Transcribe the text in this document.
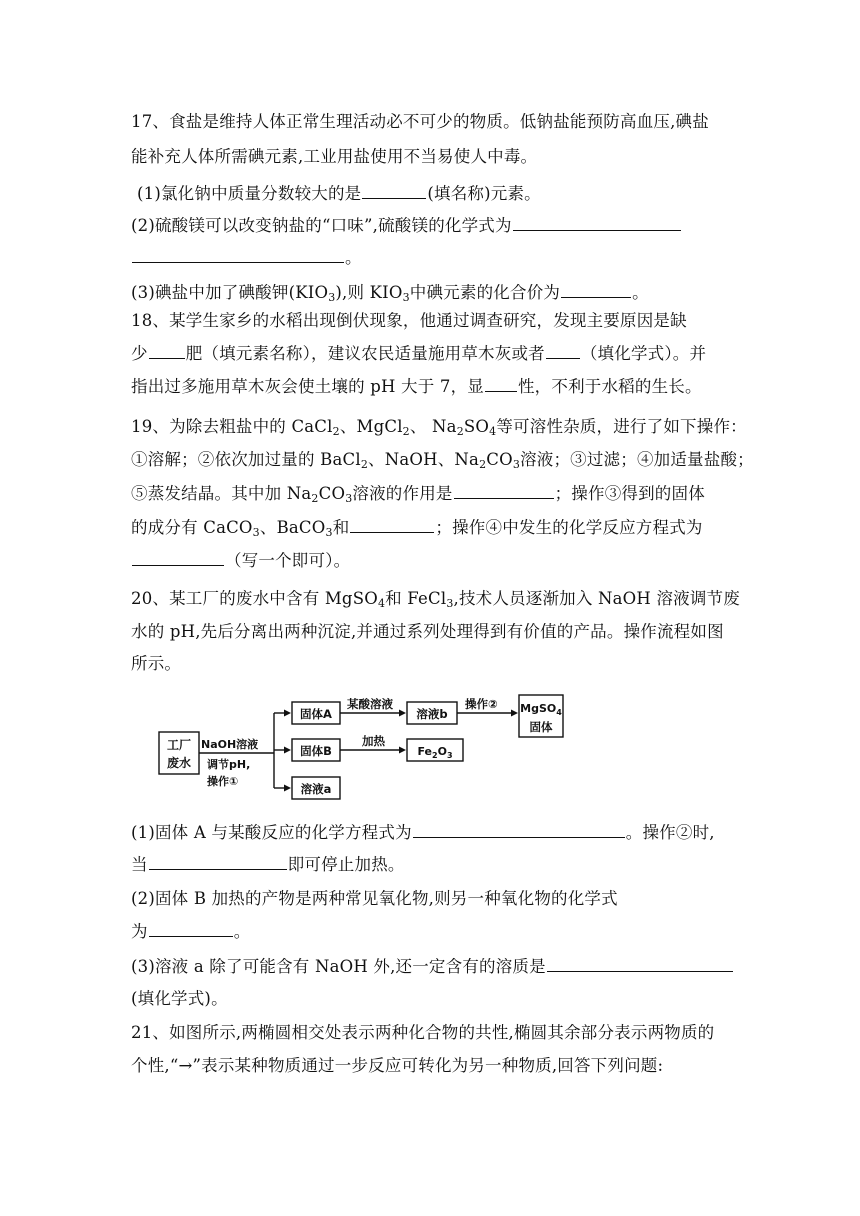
17、食盐是维持人体正常生理活动必不可少的物质。低钠盐能预防高血压,碘盐
能补充人体所需碘元素,工业用盐使用不当易使人中毒。
(1)氯化钠中质量分数较大的是	(填名称)元素。
(2)硫酸镁可以改变钠盐的“口味”,硫酸镁的化学式为
。
(3)碘盐中加了碘酸钾$(KIO_3)$,则 $KIO_3$中碘元素的化合价为	。
18、某学生家乡的水稻出现倒伏现象，他通过调查研究，发现主要原因是缺
少 肥（填元素名称），建议农民适量施用草木灰或者 （填化学式）。并
指出过多施用草木灰会使土壤的 pH 大于 7，显 性，不利于水稻的生长。
19、为除去粗盐中的 CaCl$_2$、MgCl$_2$、 $Na_2SO_4$等可溶性杂质，进行了如下操作：
①溶解；②依次加过量的 BaCl$_2$、NaOH、$Na_2CO_3$溶液；③过滤；④加适量盐酸；
⑤蒸发结晶。其中加 $Na_2CO_3$溶液的作用是	；操作③得到的固体
的成分有 CaCO$_3$、BaCO$_3$和	；操作④中发生的化学反应方程式为
（写一个即可）。
20、某工厂的废水中含有 MgSO$_4$和 FeCl$_3$,技术人员逐渐加入 NaOH 溶液调节废
水的 pH,先后分离出两种沉淀,并通过系列处理得到有价值的产品。操作流程如图
所示。
工厂
废水
NaOH溶液
调节pH,
操作①
固体A
固体B
溶液a
某酸溶液
溶液b
操作② MgSO$_4$
固体
加热
$Fe_2O_3$
(1)固体 A 与某酸反应的化学方程式为	。操作②时,
当	即可停止加热。
(2)固体 B 加热的产物是两种常见氧化物,则另一种氧化物的化学式
为	。
(3)溶液 a 除了可能含有 NaOH 外,还一定含有的溶质是
(填化学式)。
21、如图所示,两椭圆相交处表示两种化合物的共性,椭圆其余部分表示两物质的
个性,“→”表示某种物质通过一步反应可转化为另一种物质,回答下列问题:
